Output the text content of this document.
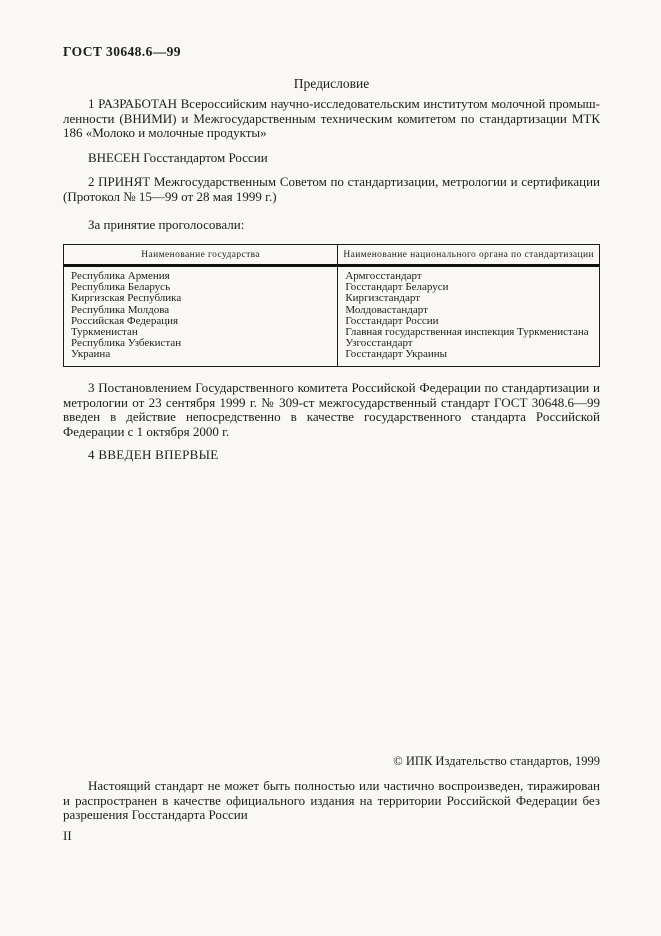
ГОСТ 30648.6—99
Предисловие

1 РАЗРАБОТАН Всероссийским научно-исследовательским институтом молочной промышленности (ВНИМИ) и Межгосударственным техническим комитетом по стандартизации МТК 186 «Молоко и молочные продукты»

ВНЕСЕН Госстандартом России

2 ПРИНЯТ Межгосударственным Советом по стандартизации, метрологии и сертификации (Протокол № 15—99 от 28 мая 1999 г.)

За принятие проголосовали:

Наименование государства	Наименование национального органа по стандартизации
Республика Армения	Армгосстандарт
Республика Беларусь	Госстандарт Беларуси
Киргизская Республика	Киргизстандарт
Республика Молдова	Молдовастандарт
Российская Федерация	Госстандарт России
Туркменистан	Главная государственная инспекция Туркменистана
Республика Узбекистан	Узгосстандарт
Украина	Госстандарт Украины

3 Постановлением Государственного комитета Российской Федерации по стандартизации и метрологии от 23 сентября 1999 г. № 309-ст межгосударственный стандарт ГОСТ 30648.6—99 введен в действие непосредственно в качестве государственного стандарта Российской Федерации с 1 октября 2000 г.

4 ВВЕДЕН ВПЕРВЫЕ

© ИПК Издательство стандартов, 1999

Настоящий стандарт не может быть полностью или частично воспроизведен, тиражирован и распространен в качестве официального издания на территории Российской Федерации без разрешения Госстандарта России

II
